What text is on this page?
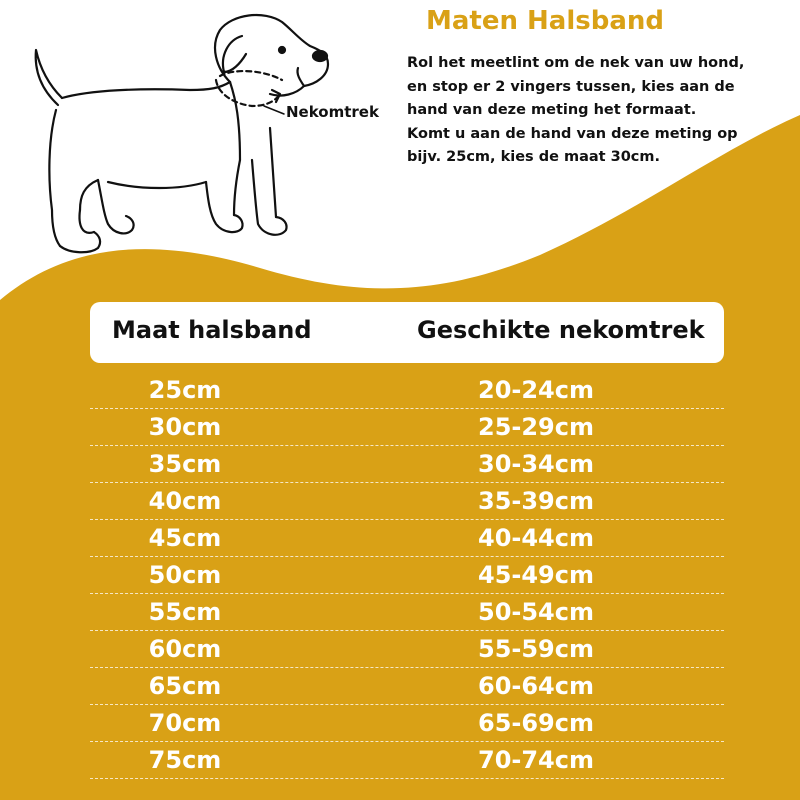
Nekomtrek
Maten Halsband

Rol het meetlint om de nek van uw hond,
en stop er 2 vingers tussen, kies aan de
hand van deze meting het formaat.
Komt u aan de hand van deze meting op
bijv. 25cm, kies de maat 30cm.

Maat halsband	Geschikte nekomtrek
25cm	20-24cm
30cm	25-29cm
35cm	30-34cm
40cm	35-39cm
45cm	40-44cm
50cm	45-49cm
55cm	50-54cm
60cm	55-59cm
65cm	60-64cm
70cm	65-69cm
75cm	70-74cm
